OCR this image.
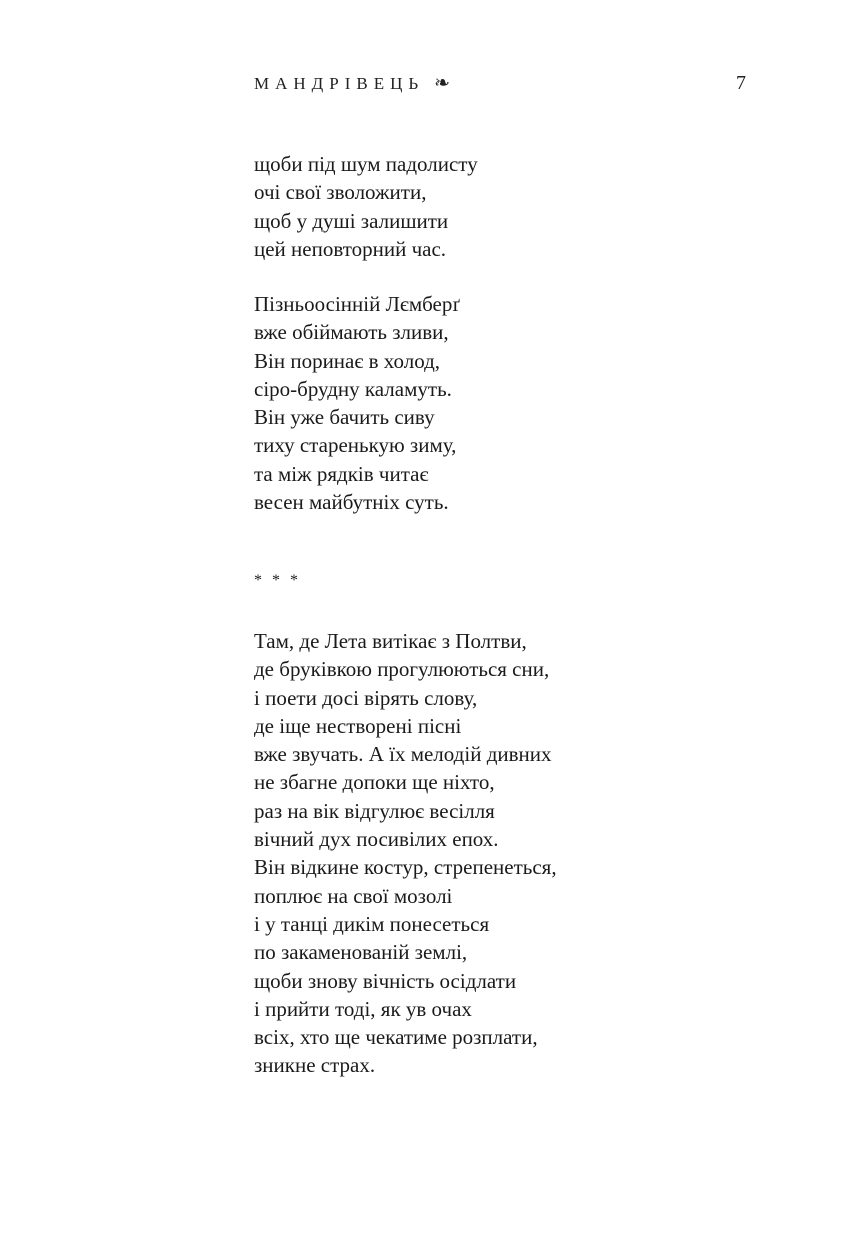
МАНДРІВЕЦЬ ❧	7
щоби під шум падолисту
очі свої зволожити,
щоб у душі залишити
цей неповторний час.
Пізньоосінній Лємберґ
вже обіймають зливи,
Він поринає в холод,
сіро-брудну каламуть.
Він уже бачить сиву
тиху старенькую зиму,
та між рядків читає
весен майбутніх суть.
* * *
Там, де Лета витікає з Полтви,
де бруківкою прогулюються сни,
і поети досі вірять слову,
де іще нестворені пісні
вже звучать. А їх мелодій дивних
не збагне допоки ще ніхто,
раз на вік відгулює весілля
вічний дух посивілих епох.
Він відкине костур, стрепенеться,
поплює на свої мозолі
і у танці дикім понесеться
по закаменованій землі,
щоби знову вічність осідлати
і прийти тоді, як ув очах
всіх, хто ще чекатиме розплати,
зникне страх.
